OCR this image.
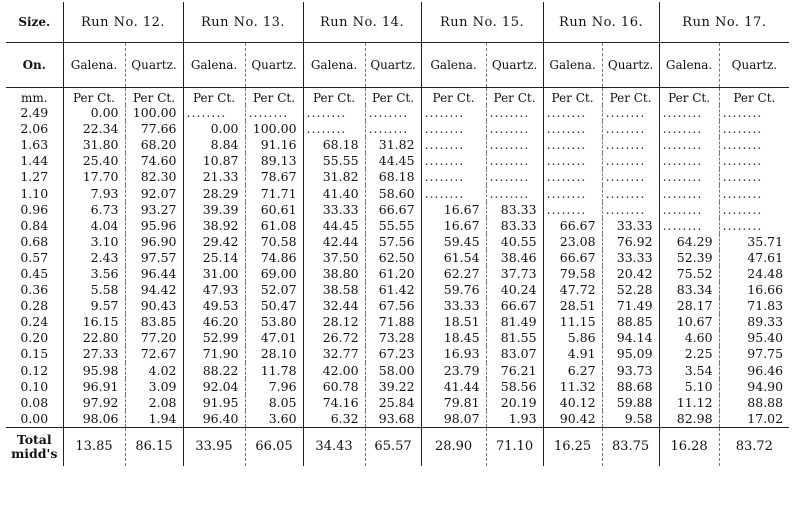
Size.	Run No. 12.		Run No. 13.		Run No. 14.		Run No. 15.		Run No. 16.		Run No. 17.	
On.	Galena.	Quartz.	Galena.	Quartz.	Galena.	Quartz.	Galena.	Quartz.	Galena.	Quartz.	Galena.	Quartz.
mm.	Per Ct.	Per Ct.	Per Ct.	Per Ct.	Per Ct.	Per Ct.	Per Ct.	Per Ct.	Per Ct.	Per Ct.	Per Ct.	Per Ct.
2.49	0.00	100.00	........	........	........	........	........	........	........	........	........	........
2.06	22.34	77.66	0.00	100.00	........	........	........	........	........	........	........	........
1.63	31.80	68.20	8.84	91.16	68.18	31.82	........	........	........	........	........	........
1.44	25.40	74.60	10.87	89.13	55.55	44.45	........	........	........	........	........	........
1.27	17.70	82.30	21.33	78.67	31.82	68.18	........	........	........	........	........	........
1.10	7.93	92.07	28.29	71.71	41.40	58.60	........	........	........	........	........	........
0.96	6.73	93.27	39.39	60.61	33.33	66.67	16.67	83.33	........	........	........	........
0.84	4.04	95.96	38.92	61.08	44.45	55.55	16.67	83.33	66.67	33.33	........	........
0.68	3.10	96.90	29.42	70.58	42.44	57.56	59.45	40.55	23.08	76.92	64.29	35.71
0.57	2.43	97.57	25.14	74.86	37.50	62.50	61.54	38.46	66.67	33.33	52.39	47.61
0.45	3.56	96.44	31.00	69.00	38.80	61.20	62.27	37.73	79.58	20.42	75.52	24.48
0.36	5.58	94.42	47.93	52.07	38.58	61.42	59.76	40.24	47.72	52.28	83.34	16.66
0.28	9.57	90.43	49.53	50.47	32.44	67.56	33.33	66.67	28.51	71.49	28.17	71.83
0.24	16.15	83.85	46.20	53.80	28.12	71.88	18.51	81.49	11.15	88.85	10.67	89.33
0.20	22.80	77.20	52.99	47.01	26.72	73.28	18.45	81.55	5.86	94.14	4.60	95.40
0.15	27.33	72.67	71.90	28.10	32.77	67.23	16.93	83.07	4.91	95.09	2.25	97.75
0.12	95.98	4.02	88.22	11.78	42.00	58.00	23.79	76.21	6.27	93.73	3.54	96.46
0.10	96.91	3.09	92.04	7.96	60.78	39.22	41.44	58.56	11.32	88.68	5.10	94.90
0.08	97.92	2.08	91.95	8.05	74.16	25.84	79.81	20.19	40.12	59.88	11.12	88.88
0.00	98.06	1.94	96.40	3.60	6.32	93.68	98.07	1.93	90.42	9.58	82.98	17.02

Total
midd's	13.85	86.15	33.95	66.05	34.43	65.57	28.90	71.10	16.25	83.75	16.28	83.72
